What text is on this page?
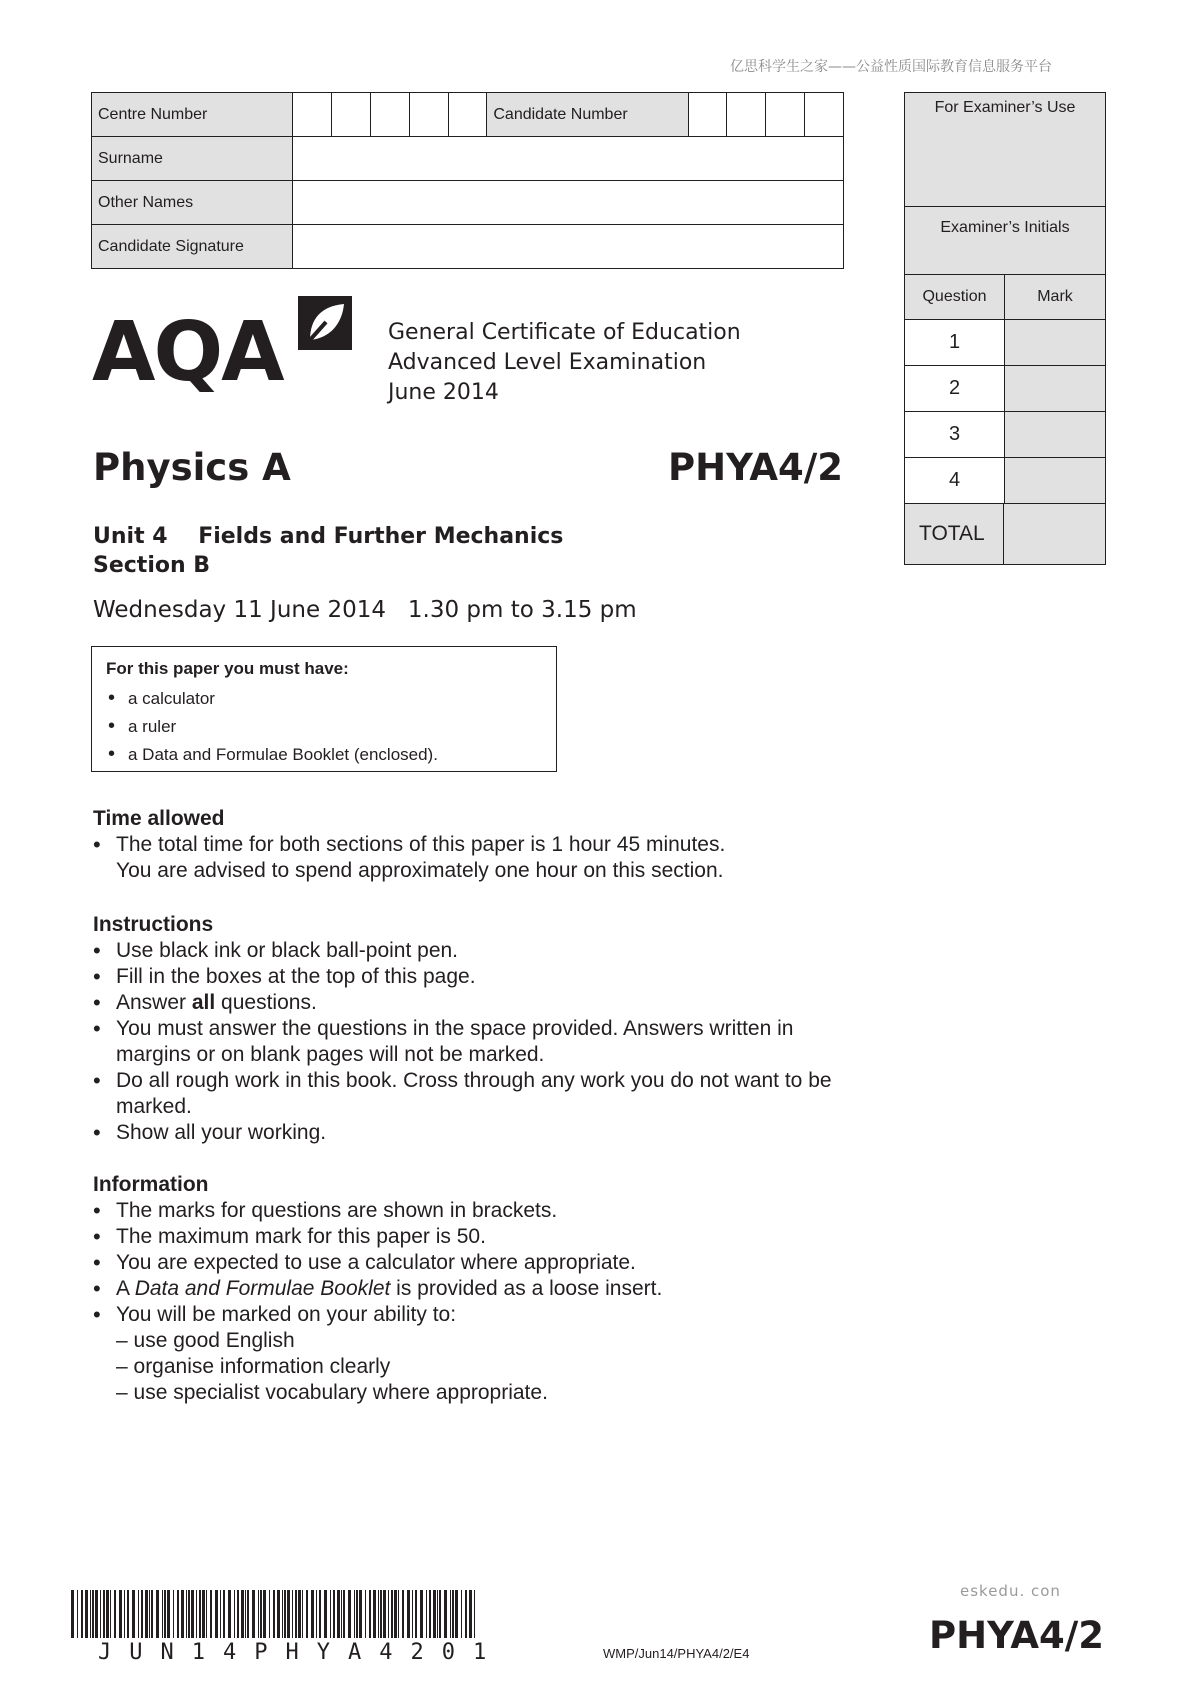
亿思科学生之家——公益性质国际教育信息服务平台
Centre Number						Candidate Number				
Surname										
Other Names										
Candidate Signature										
For Examiner’s Use
Examiner’s Initials
Question	Mark
1
2
3
4
TOTAL
AQA	General Certificate of Education
Advanced Level Examination
June 2014
Physics A	PHYA4/2
Unit 4    Fields and Further Mechanics
Section B
Wednesday 11 June 2014   1.30 pm to 3.15 pm
For this paper you must have:
• a calculator
• a ruler
• a Data and Formulae Booklet (enclosed).
Time allowed
• The total time for both sections of this paper is 1 hour 45 minutes.
You are advised to spend approximately one hour on this section.
Instructions
• Use black ink or black ball-point pen.
• Fill in the boxes at the top of this page.
• Answer all questions.
• You must answer the questions in the space provided. Answers written in margins or on blank pages will not be marked.
• Do all rough work in this book. Cross through any work you do not want to be marked.
• Show all your working.
Information
• The marks for questions are shown in brackets.
• The maximum mark for this paper is 50.
• You are expected to use a calculator where appropriate.
• A Data and Formulae Booklet is provided as a loose insert.
• You will be marked on your ability to:
– use good English
– organise information clearly
– use specialist vocabulary where appropriate.
JUN14PHYA4201	WMP/Jun14/PHYA4/2/E4
eskedu. con
PHYA4/2
